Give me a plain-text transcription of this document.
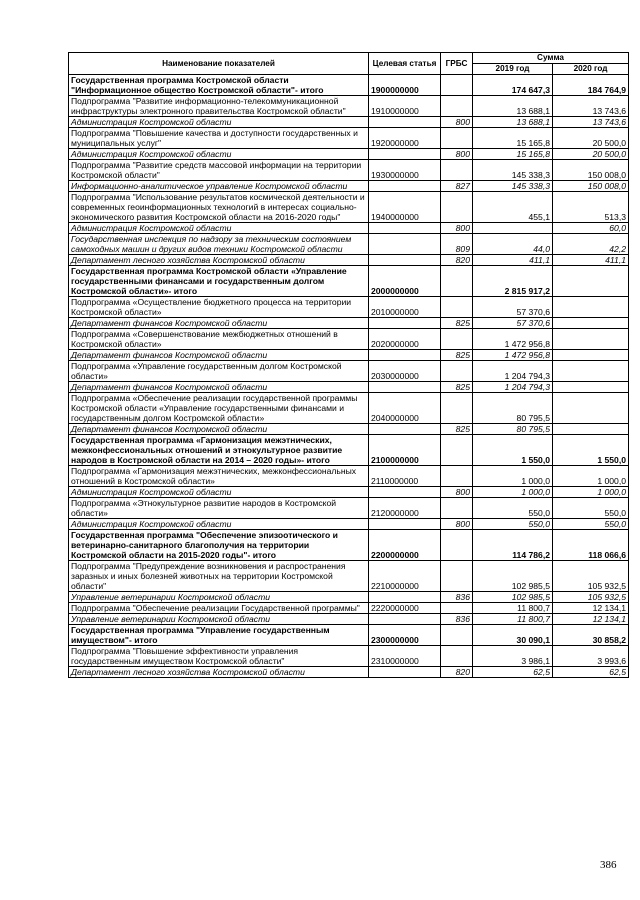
Наименование показателей	Целевая статья	ГРБС	Сумма	
			2019 год	2020 год
Государственная программа Костромской области "Информационное общество Костромской области"- итого	1900000000		174 647,3	184 764,9
Подпрограмма "Развитие информационно-телекоммуникационной инфраструктуры электронного правительства Костромской области"	1910000000		13 688,1	13 743,6
Администрация Костромской области		800	13 688,1	13 743,6
Подпрограмма "Повышение качества и доступности государственных и муниципальных услуг"	1920000000		15 165,8	20 500,0
Администрация Костромской области		800	15 165,8	20 500,0
Подпрограмма "Развитие средств массовой информации на территории Костромской области"	1930000000		145 338,3	150 008,0
Информационно-аналитическое управление Костромской области		827	145 338,3	150 008,0
Подпрограмма "Использование результатов космической деятельности и современных геоинформационных технологий в интересах социально-экономического развития Костромской области на 2016-2020 годы"	1940000000		455,1	513,3
Администрация Костромской области		800		60,0
Государственная инспекция по надзору за техническим состоянием самоходных машин и других видов техники Костромской области		809	44,0	42,2
Департамент лесного хозяйства Костромской области		820	411,1	411,1
Государственная программа Костромской области «Управление государственными финансами и государственным долгом Костромской области»- итого	2000000000		2 815 917,2	
Подпрограмма «Осуществление бюджетного процесса на территории Костромской области»	2010000000		57 370,6	
Департамент финансов Костромской области		825	57 370,6	
Подпрограмма «Совершенствование межбюджетных отношений в Костромской области»	2020000000		1 472 956,8	
Департамент финансов Костромской области		825	1 472 956,8	
Подпрограмма «Управление государственным долгом Костромской области»	2030000000		1 204 794,3	
Департамент финансов Костромской области		825	1 204 794,3	
Подпрограмма «Обеспечение реализации государственной программы Костромской области «Управление государственными финансами и государственным долгом Костромской области»	2040000000		80 795,5	
Департамент финансов Костромской области		825	80 795,5	
Государственная программа «Гармонизация межэтнических, межконфессиональных отношений и этнокультурное развитие народов в Костромской области на 2014 – 2020 годы»- итого	2100000000		1 550,0	1 550,0
Подпрограмма «Гармонизация межэтнических, межконфессиональных отношений в Костромской области»	2110000000		1 000,0	1 000,0
Администрация Костромской области		800	1 000,0	1 000,0
Подпрограмма «Этнокультурное развитие народов в Костромской области»	2120000000		550,0	550,0
Администрация Костромской области		800	550,0	550,0
Государственная программа "Обеспечение эпизоотического и ветеринарно-санитарного благополучия на территории Костромской области на 2015-2020 годы"- итого	2200000000		114 786,2	118 066,6
Подпрограмма "Предупреждение возникновения и распространения заразных и иных болезней животных на территории Костромской области"	2210000000		102 985,5	105 932,5
Управление ветеринарии Костромской области		836	102 985,5	105 932,5
Подпрограмма "Обеспечение реализации Государственной программы"	2220000000		11 800,7	12 134,1
Управление ветеринарии Костромской области		836	11 800,7	12 134,1
Государственная программа "Управление государственным имуществом"- итого	2300000000		30 090,1	30 858,2
Подпрограмма "Повышение эффективности управления государственным имуществом Костромской области"	2310000000		3 986,1	3 993,6
Департамент лесного хозяйства Костромской области		820	62,5	62,5
386
